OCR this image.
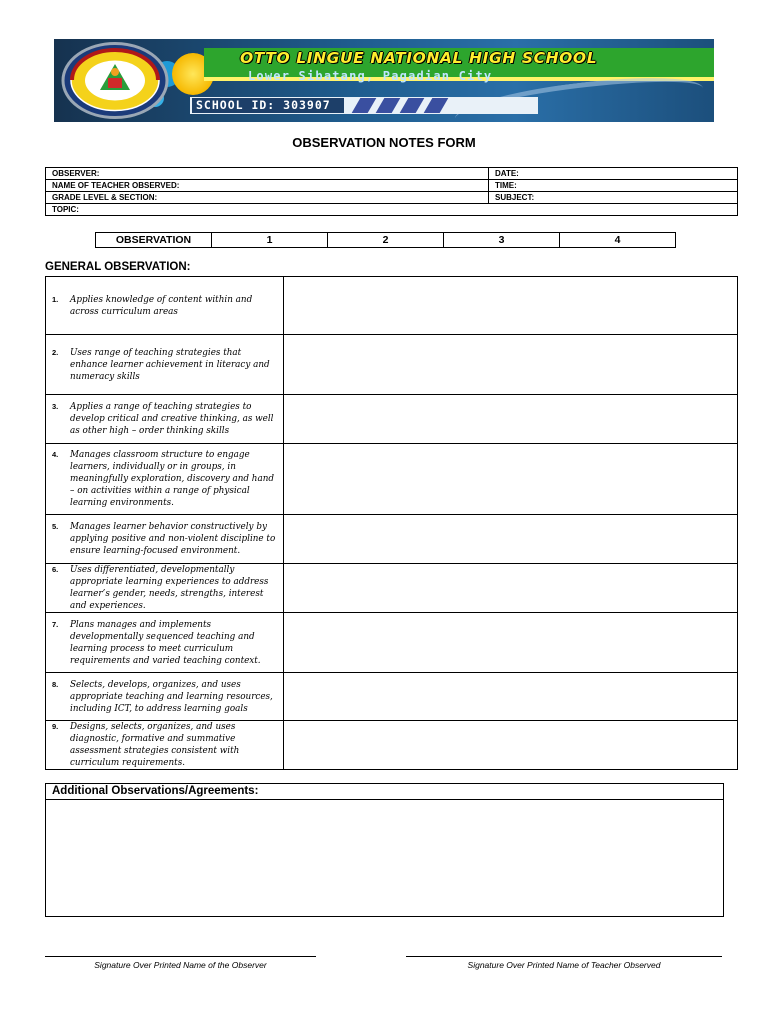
OTTO LINGUE NATIONAL HIGH SCHOOL
Lower Sibatang, Pagadian City
SCHOOL ID: 303907
OBSERVATION NOTES FORM
OBSERVER:	DATE:
NAME OF TEACHER OBSERVED:	TIME:
GRADE LEVEL & SECTION:	SUBJECT:
TOPIC:	
OBSERVATION	1	2	3	4
GENERAL OBSERVATION:
1. Applies knowledge of content within and across curriculum areas	

2. Uses range of teaching strategies that enhance learner achievement in literacy and numeracy skills	

3. Applies a range of teaching strategies to develop critical and creative thinking, as well as other high – order thinking skills	

4. Manages classroom structure to engage learners, individually or in groups, in meaningfully exploration, discovery and hand – on activities within a range of physical learning environments.	

5. Manages learner behavior constructively by applying positive and non-violent discipline to ensure learning-focused environment.	

6. Uses differentiated, developmentally appropriate learning experiences to address learner’s gender, needs, strengths, interest and experiences.	

7. Plans manages and implements developmentally sequenced teaching and learning process to meet curriculum requirements and varied teaching context.	

8. Selects, develops, organizes, and uses appropriate teaching and learning resources, including ICT, to address learning goals	

9. Designs, selects, organizes, and uses diagnostic, formative and summative assessment strategies consistent with curriculum requirements.	

Additional Observations/Agreements:
Signature Over Printed Name of the Observer	Signature Over Printed Name of Teacher Observed
